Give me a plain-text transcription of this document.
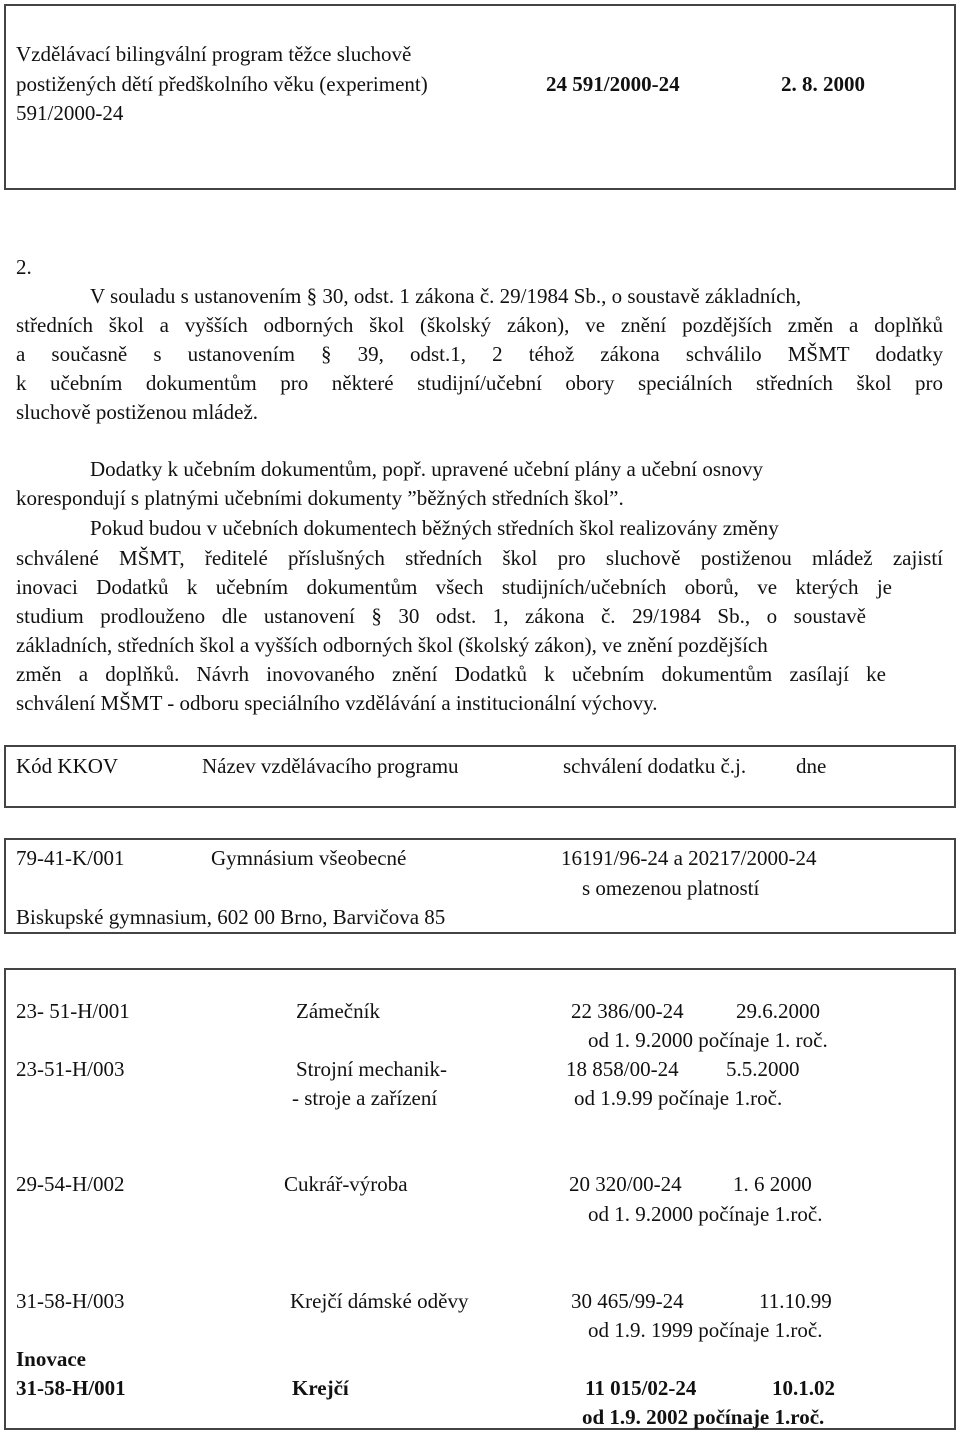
Vzdělávací bilingvální program těžce sluchově
postižených dětí předškolního věku (experiment)	24 591/2000-24	2. 8. 2000
591/2000-24
2.
V souladu s ustanovením § 30, odst. 1 zákona č. 29/1984 Sb., o soustavě základních,
středních škol a vyšších odborných škol (školský zákon), ve znění pozdějších změn a doplňků
a současně s ustanovením § 39, odst.1, 2 téhož zákona schválilo MŠMT dodatky
k učebním dokumentům pro některé studijní/učební obory speciálních středních škol pro
sluchově postiženou mládež.
Dodatky k učebním dokumentům, popř. upravené učební plány a učební osnovy
korespondují s platnými učebními dokumenty ”běžných středních škol”.
Pokud budou v učebních dokumentech běžných středních škol realizovány změny
schválené MŠMT, ředitelé příslušných středních škol pro sluchově postiženou mládež zajistí
inovaci Dodatků k učebním dokumentům všech studijních/učebních oborů, ve kterých je
studium prodlouženo dle ustanovení § 30 odst. 1, zákona č. 29/1984 Sb., o soustavě
základních, středních škol a vyšších odborných škol (školský zákon), ve znění pozdějších
změn a doplňků. Návrh inovovaného znění Dodatků k učebním dokumentům zasílají ke
schválení MŠMT - odboru speciálního vzdělávání a institucionální výchovy.
Kód KKOV	Název vzdělávacího programu	schválení dodatku č.j. dne
79-41-K/001	Gymnásium všeobecné	16191/96-24 a 20217/2000-24
s omezenou platností
Biskupské gymnasium, 602 00 Brno, Barvičova 85
23- 51-H/001	Zámečník	22 386/00-24 29.6.2000
od 1. 9.2000 počínaje 1. roč.
23-51-H/003	Strojní mechanik-
- stroje a zařízení
18 858/00-24 5.5.2000
od 1.9.99 počínaje 1.roč.
29-54-H/002	Cukrář-výroba	20 320/00-24 1. 6 2000
od 1. 9.2000 počínaje 1.roč.
31-58-H/003	Krejčí dámské oděvy	30 465/99-24	11.10.99
od 1.9. 1999 počínaje 1.roč.
Inovace
31-58-H/001	Krejčí	11 015/02-24	10.1.02
od 1.9. 2002 počínaje 1.roč.
